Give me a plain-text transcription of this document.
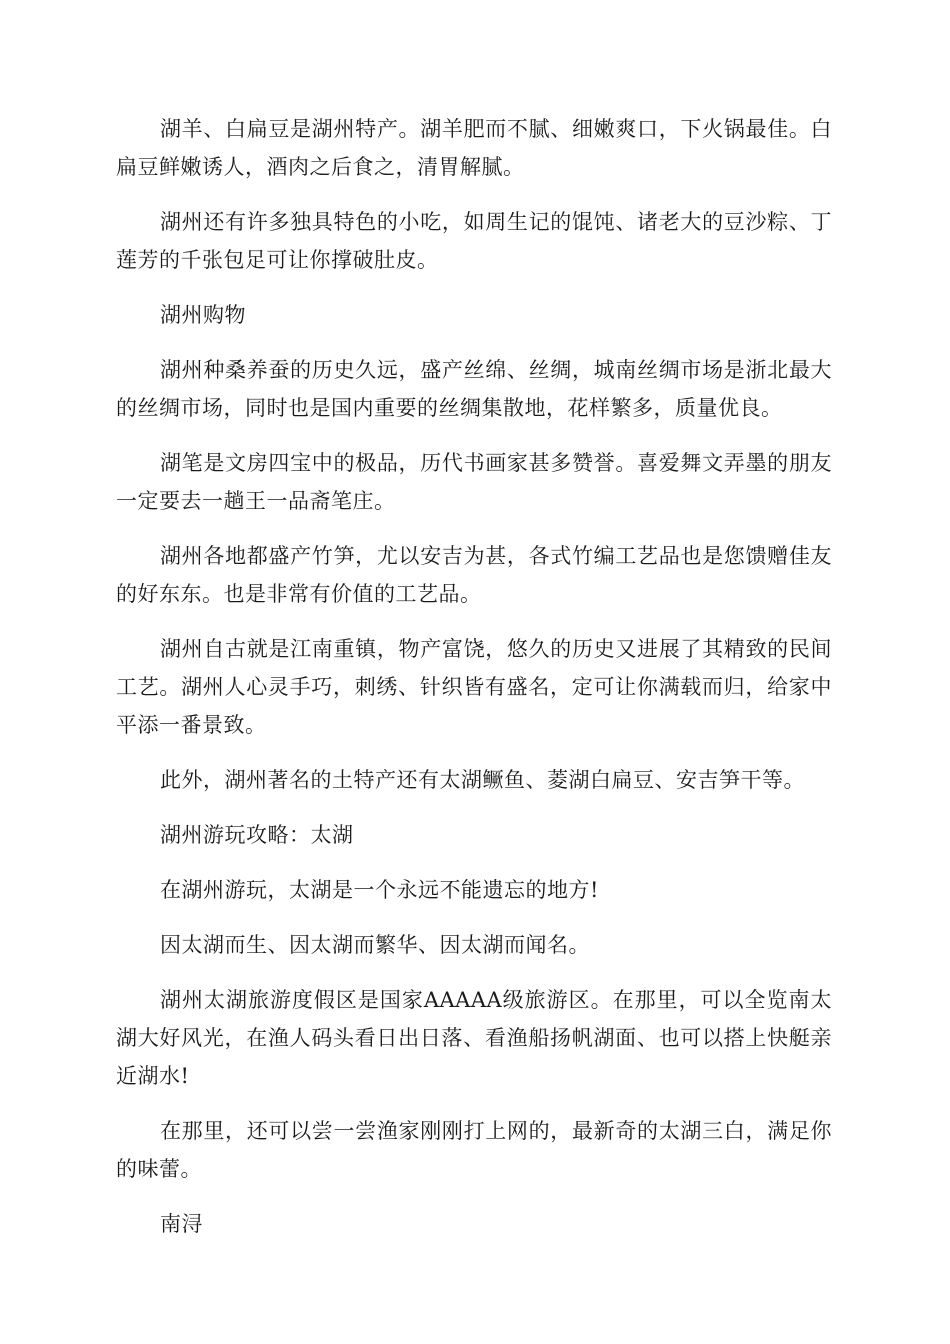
湖羊、白扁豆是湖州特产。湖羊肥而不腻、细嫩爽口，下火锅最佳。白扁豆鲜嫩诱人，酒肉之后食之，清胃解腻。

湖州还有许多独具特色的小吃，如周生记的馄饨、诸老大的豆沙粽、丁莲芳的千张包足可让你撑破肚皮。

湖州购物

湖州种桑养蚕的历史久远，盛产丝绵、丝绸，城南丝绸市场是浙北最大的丝绸市场，同时也是国内重要的丝绸集散地，花样繁多，质量优良。

湖笔是文房四宝中的极品，历代书画家甚多赞誉。喜爱舞文弄墨的朋友一定要去一趟王一品斋笔庄。

湖州各地都盛产竹笋，尤以安吉为甚，各式竹编工艺品也是您馈赠佳友的好东东。也是非常有价值的工艺品。

湖州自古就是江南重镇，物产富饶，悠久的历史又进展了其精致的民间工艺。湖州人心灵手巧，刺绣、针织皆有盛名，定可让你满载而归，给家中平添一番景致。

此外，湖州著名的土特产还有太湖鳜鱼、菱湖白扁豆、安吉笋干等。

湖州游玩攻略：太湖

在湖州游玩，太湖是一个永远不能遗忘的地方!

因太湖而生、因太湖而繁华、因太湖而闻名。

湖州太湖旅游度假区是国家AAAAA级旅游区。在那里，可以全览南太湖大好风光，在渔人码头看日出日落、看渔船扬帆湖面、也可以搭上快艇亲近湖水!

在那里，还可以尝一尝渔家刚刚打上网的，最新奇的太湖三白，满足你的味蕾。

南浔
